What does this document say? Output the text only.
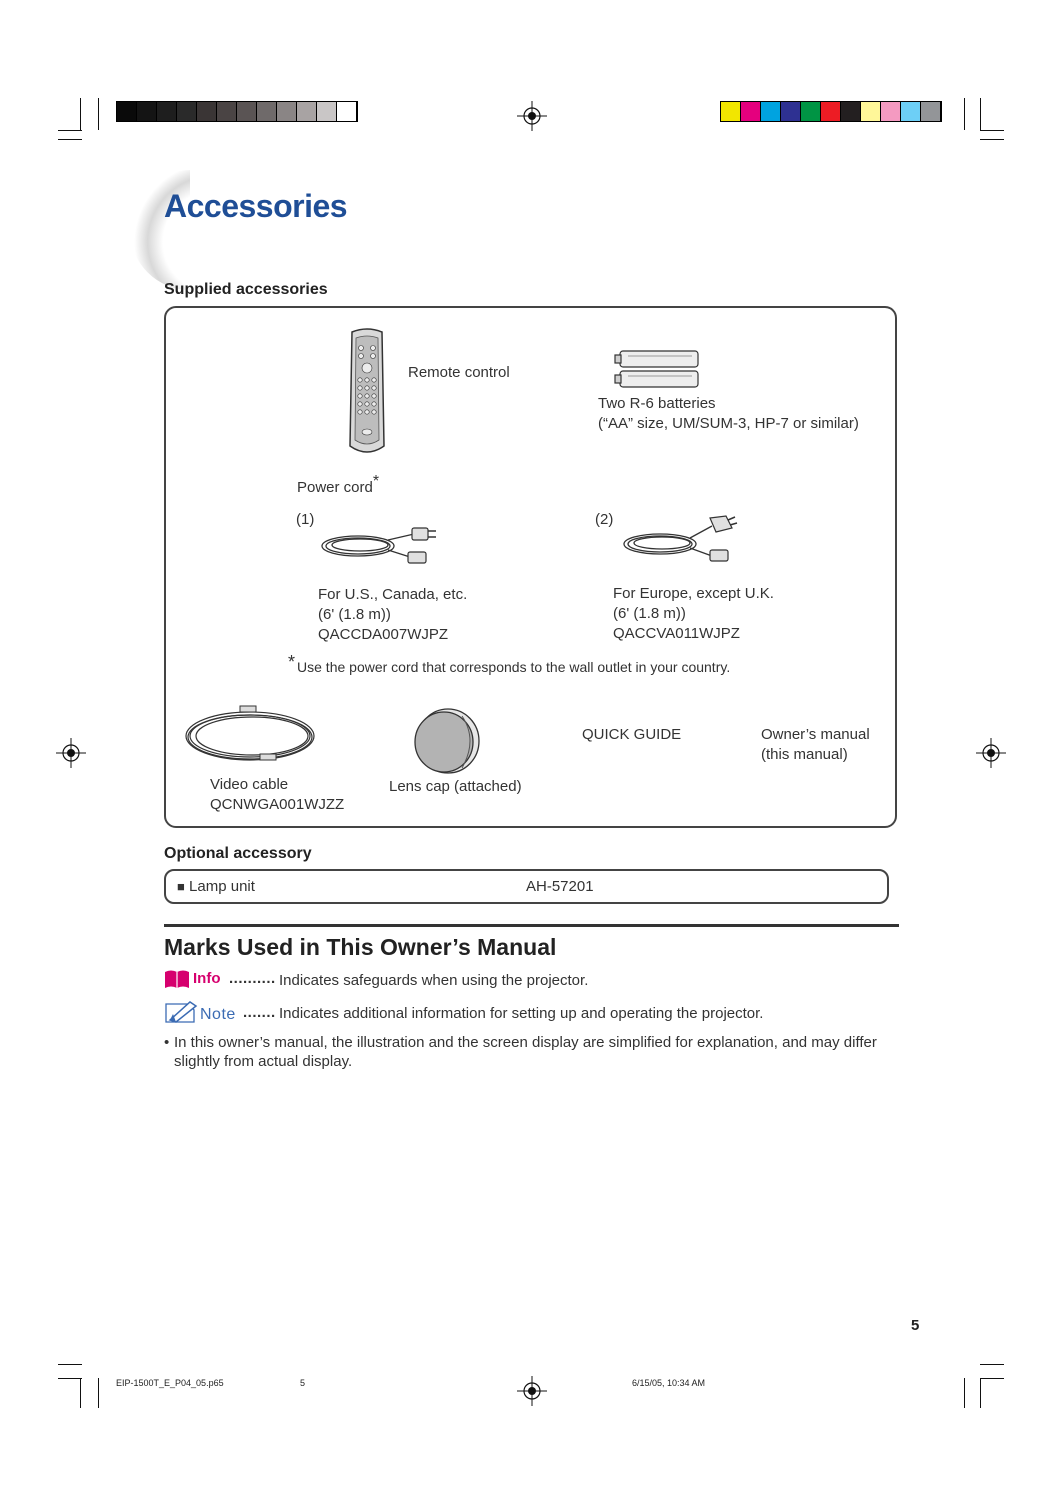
Accessories
Supplied accessories
Remote control
Two R-6 batteries
(“AA” size, UM/SUM-3, HP-7 or similar)
Power cord*
(1)
For U.S., Canada, etc.
(6' (1.8 m))
QACCDA007WJPZ
(2)
For Europe, except U.K.
(6' (1.8 m))
QACCVA011WJPZ
* Use the power cord that corresponds to the wall outlet in your country.
Video cable
QCNWGA001WJZZ
Lens cap (attached)
QUICK GUIDE	Owner’s manual
(this manual)
Optional accessory
■ Lamp unit	AH-57201
Marks Used in This Owner’s Manual
Info .......... Indicates safeguards when using the projector.
Note ....... Indicates additional information for setting up and operating the projector.
• In this owner’s manual, the illustration and the screen display are simplified for explanation, and may differ
slightly from actual display.
5
EIP-1500T_E_P04_05.p65	5	6/15/05, 10:34 AM
